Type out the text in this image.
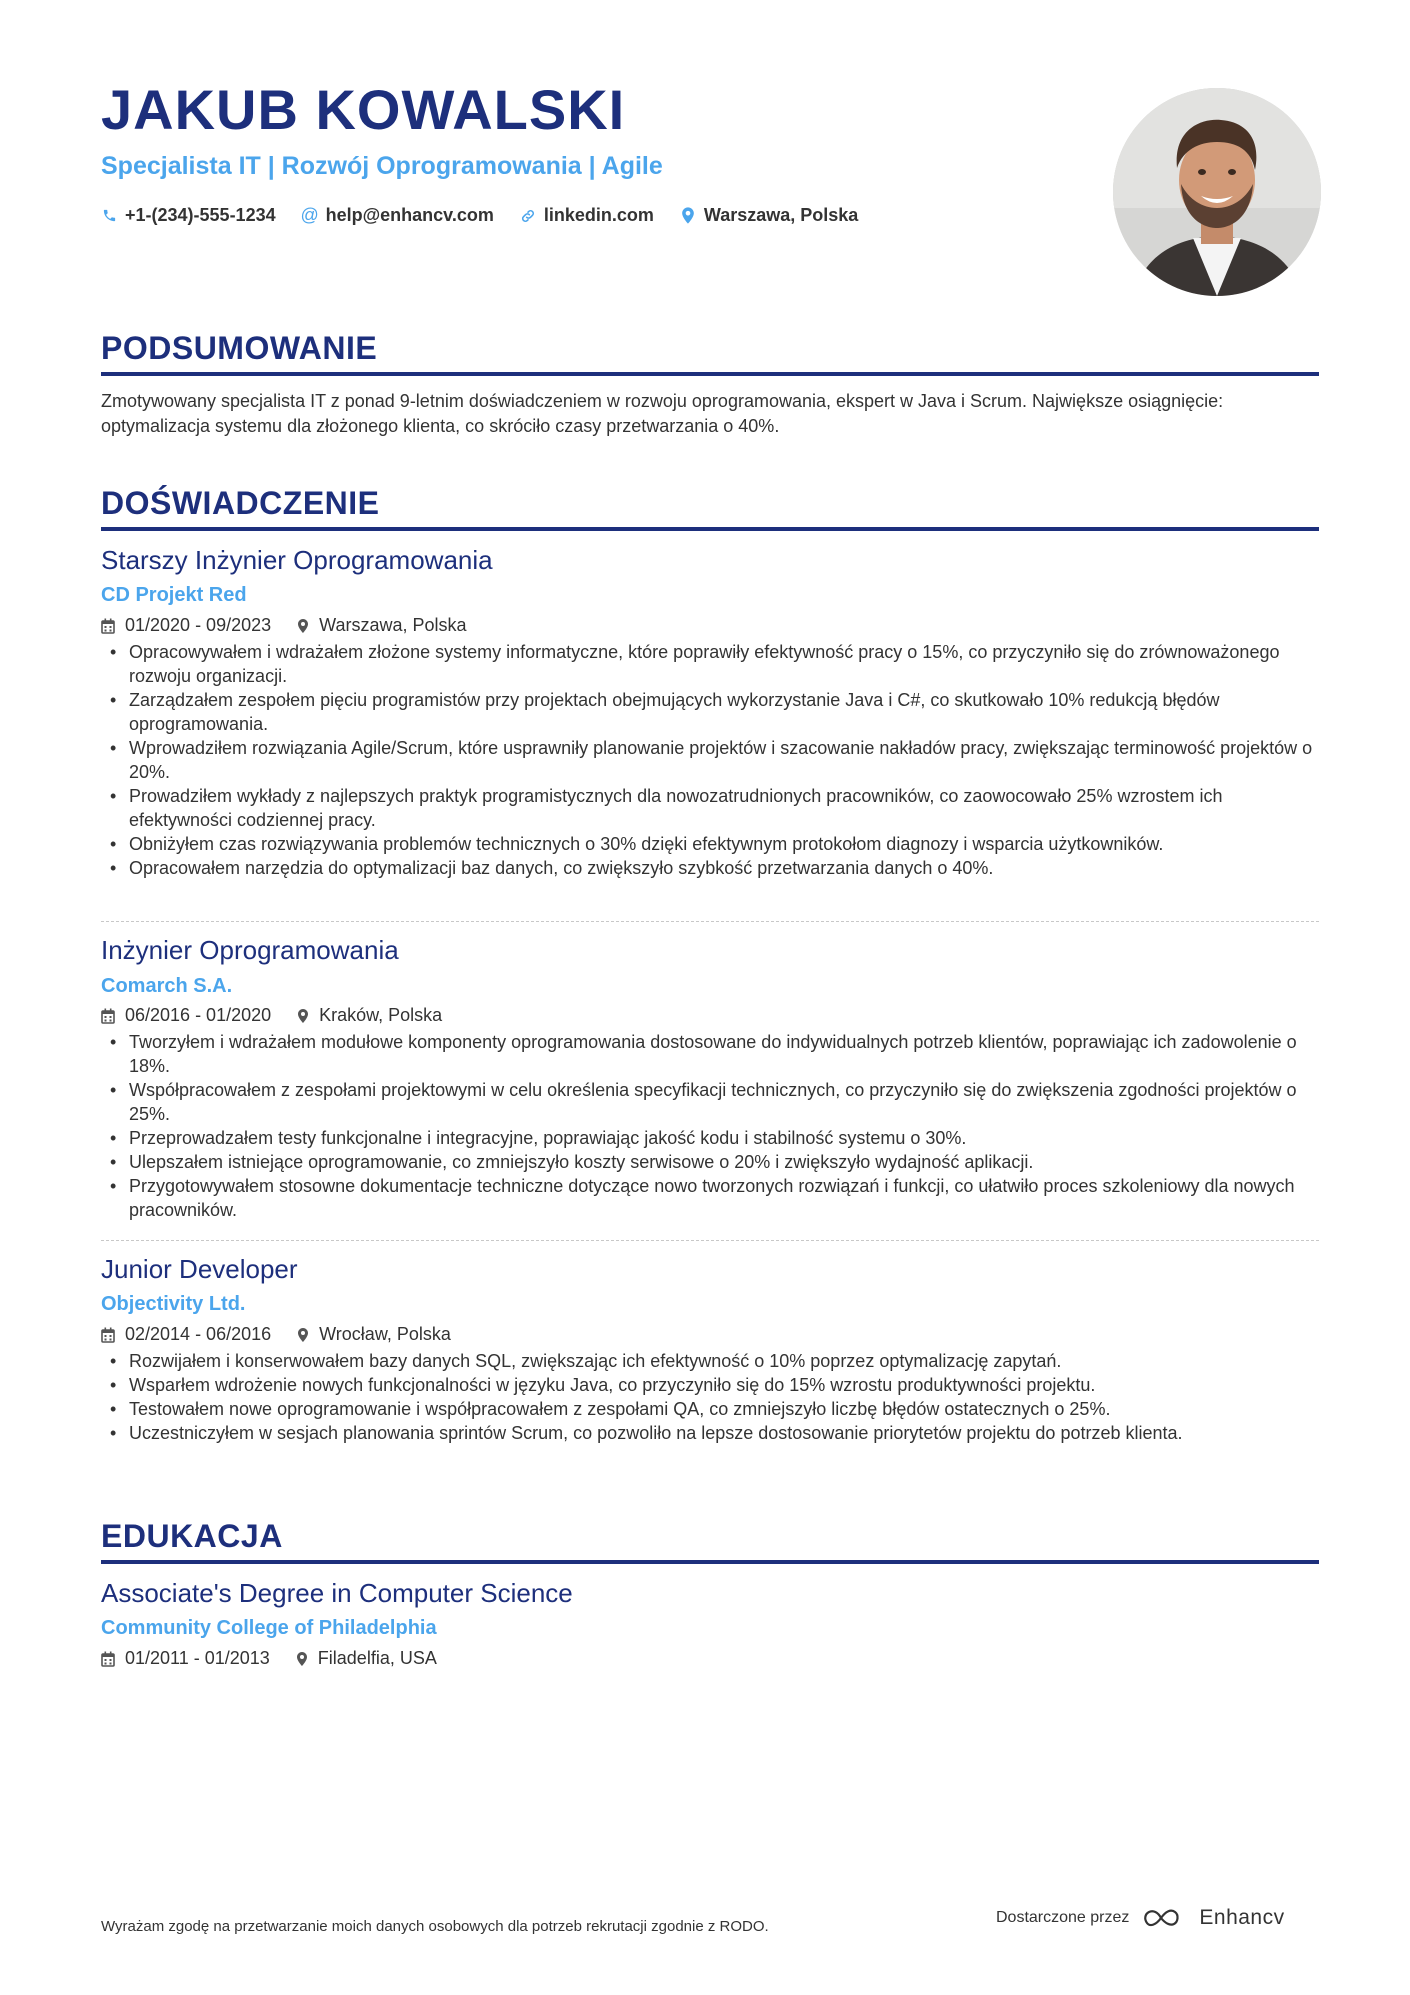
JAKUB KOWALSKI
Specjalista IT | Rozwój Oprogramowania | Agile
+1-(234)-555-1234 @ help@enhancv.com	linkedin.com	Warszawa, Polska
PODSUMOWANIE
Zmotywowany specjalista IT z ponad 9-letnim doświadczeniem w rozwoju oprogramowania, ekspert w Java i Scrum. Największe osiągnięcie: optymalizacja systemu dla złożonego klienta, co skróciło czasy przetwarzania o 40%.
DOŚWIADCZENIE
Starszy Inżynier Oprogramowania
CD Projekt Red
01/2020 - 09/2023	Warszawa, Polska
• Opracowywałem i wdrażałem złożone systemy informatyczne, które poprawiły efektywność pracy o 15%, co przyczyniło się do zrównoważonego rozwoju organizacji.
• Zarządzałem zespołem pięciu programistów przy projektach obejmujących wykorzystanie Java i C#, co skutkowało 10% redukcją błędów oprogramowania.
• Wprowadziłem rozwiązania Agile/Scrum, które usprawniły planowanie projektów i szacowanie nakładów pracy, zwiększając terminowość projektów o 20%.
• Prowadziłem wykłady z najlepszych praktyk programistycznych dla nowozatrudnionych pracowników, co zaowocowało 25% wzrostem ich efektywności codziennej pracy.
• Obniżyłem czas rozwiązywania problemów technicznych o 30% dzięki efektywnym protokołom diagnozy i wsparcia użytkowników.
• Opracowałem narzędzia do optymalizacji baz danych, co zwiększyło szybkość przetwarzania danych o 40%.
Inżynier Oprogramowania
Comarch S.A.
06/2016 - 01/2020	Kraków, Polska
• Tworzyłem i wdrażałem modułowe komponenty oprogramowania dostosowane do indywidualnych potrzeb klientów, poprawiając ich zadowolenie o 18%.
• Współpracowałem z zespołami projektowymi w celu określenia specyfikacji technicznych, co przyczyniło się do zwiększenia zgodności projektów o 25%.
• Przeprowadzałem testy funkcjonalne i integracyjne, poprawiając jakość kodu i stabilność systemu o 30%.
• Ulepszałem istniejące oprogramowanie, co zmniejszyło koszty serwisowe o 20% i zwiększyło wydajność aplikacji.
• Przygotowywałem stosowne dokumentacje techniczne dotyczące nowo tworzonych rozwiązań i funkcji, co ułatwiło proces szkoleniowy dla nowych pracowników.
Junior Developer
Objectivity Ltd.
02/2014 - 06/2016	Wrocław, Polska
• Rozwijałem i konserwowałem bazy danych SQL, zwiększając ich efektywność o 10% poprzez optymalizację zapytań.
• Wsparłem wdrożenie nowych funkcjonalności w języku Java, co przyczyniło się do 15% wzrostu produktywności projektu.
• Testowałem nowe oprogramowanie i współpracowałem z zespołami QA, co zmniejszyło liczbę błędów ostatecznych o 25%.
• Uczestniczyłem w sesjach planowania sprintów Scrum, co pozwoliło na lepsze dostosowanie priorytetów projektu do potrzeb klienta.
EDUKACJA
Associate's Degree in Computer Science
Community College of Philadelphia
01/2011 - 01/2013	Filadelfia, USA
Wyrażam zgodę na przetwarzanie moich danych osobowych dla potrzeb rekrutacji zgodnie z RODO.
Dostarczone przez	Enhancv
